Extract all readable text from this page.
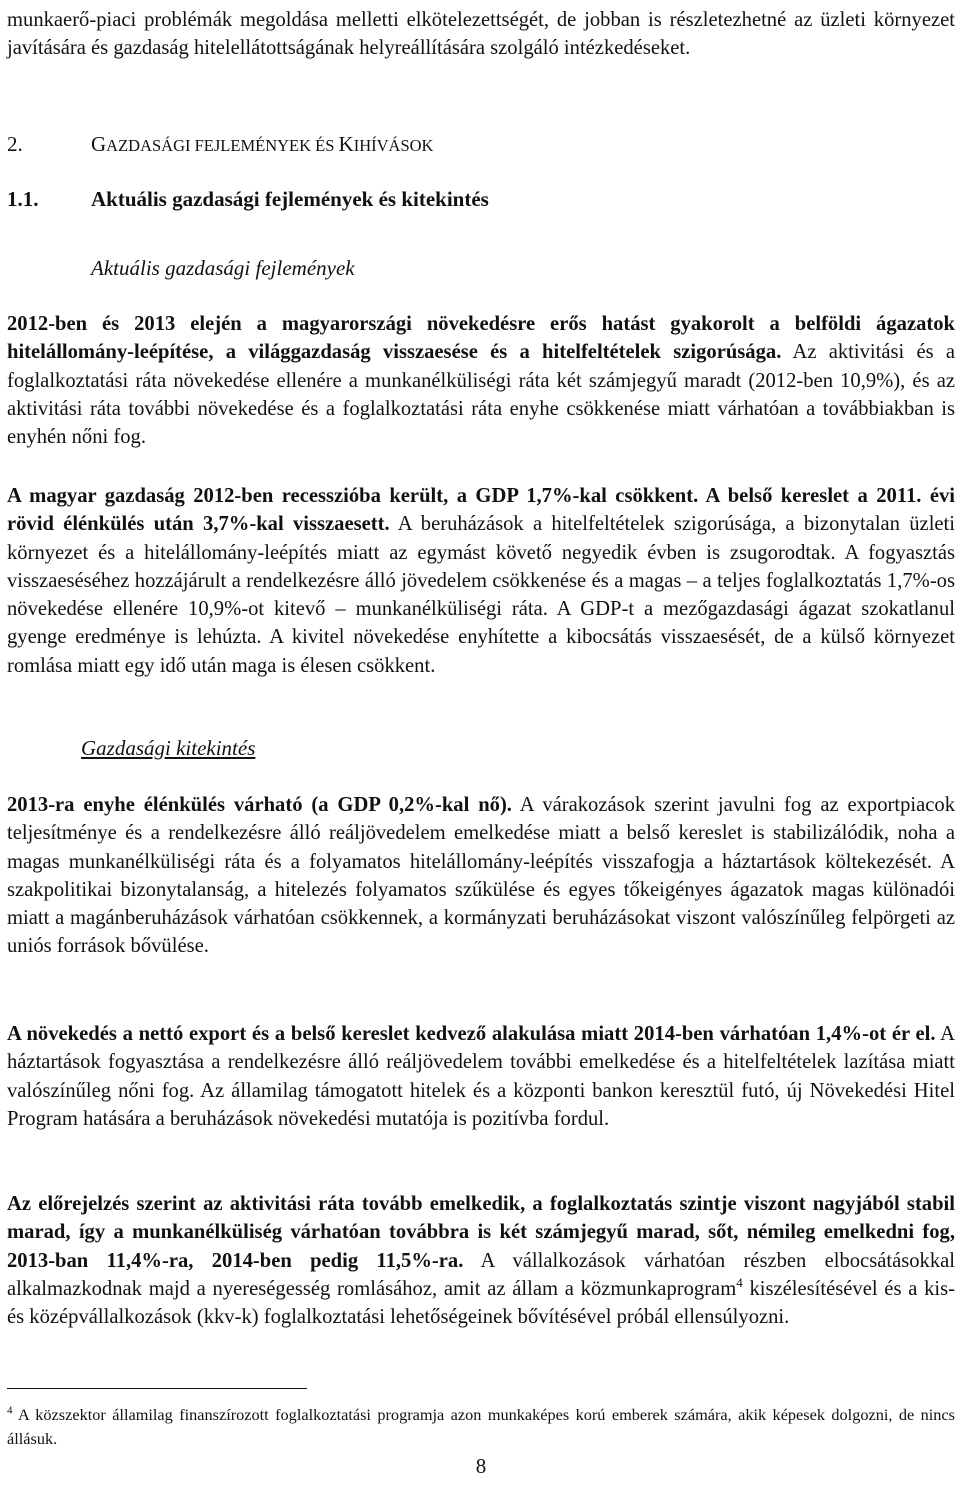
munkaerő-piaci problémák megoldása melletti elkötelezettségét, de jobban is részletezhetné az üzleti környezet javítására és gazdaság hitelellátottságának helyreállítására szolgáló intézkedéseket.

2.	GAZDASÁGI FEJLEMÉNYEK ÉS KIHÍVÁSOK
1.1.	Aktuális gazdasági fejlemények és kitekintés
Aktuális gazdasági fejlemények

2012-ben és 2013 elején a magyarországi növekedésre erős hatást gyakorolt a belföldi ágazatok hitelállomány-leépítése, a világgazdaság visszaesése és a hitelfeltételek szigorúsága. Az aktivitási és a foglalkoztatási ráta növekedése ellenére a munkanélküliségi ráta két számjegyű maradt (2012-ben 10,9%), és az aktivitási ráta további növekedése és a foglalkoztatási ráta enyhe csökkenése miatt várhatóan a továbbiakban is enyhén nőni fog.

A magyar gazdaság 2012-ben recesszióba került, a GDP 1,7%-kal csökkent. A belső kereslet a 2011. évi rövid élénkülés után 3,7%-kal visszaesett. A beruházások a hitelfeltételek szigorúsága, a bizonytalan üzleti környezet és a hitelállomány-leépítés miatt az egymást követő negyedik évben is zsugorodtak. A fogyasztás visszaeséséhez hozzájárult a rendelkezésre álló jövedelem csökkenése és a magas – a teljes foglalkoztatás 1,7%-os növekedése ellenére 10,9%-ot kitevő – munkanélküliségi ráta. A GDP-t a mezőgazdasági ágazat szokatlanul gyenge eredménye is lehúzta. A kivitel növekedése enyhítette a kibocsátás visszaesését, de a külső környezet romlása miatt egy idő után maga is élesen csökkent.

Gazdasági kitekintés

2013-ra enyhe élénkülés várható (a GDP 0,2%-kal nő). A várakozások szerint javulni fog az exportpiacok teljesítménye és a rendelkezésre álló reáljövedelem emelkedése miatt a belső kereslet is stabilizálódik, noha a magas munkanélküliségi ráta és a folyamatos hitelállomány-leépítés visszafogja a háztartások költekezését. A szakpolitikai bizonytalanság, a hitelezés folyamatos szűkülése és egyes tőkeigényes ágazatok magas különadói miatt a magánberuházások várhatóan csökkennek, a kormányzati beruházásokat viszont valószínűleg felpörgeti az uniós források bővülése.

A növekedés a nettó export és a belső kereslet kedvező alakulása miatt 2014-ben várhatóan 1,4%-ot ér el. A háztartások fogyasztása a rendelkezésre álló reáljövedelem további emelkedése és a hitelfeltételek lazítása miatt valószínűleg nőni fog. Az államilag támogatott hitelek és a központi bankon keresztül futó, új Növekedési Hitel Program hatására a beruházások növekedési mutatója is pozitívba fordul.

Az előrejelzés szerint az aktivitási ráta tovább emelkedik, a foglalkoztatás szintje viszont nagyjából stabil marad, így a munkanélküliség várhatóan továbbra is két számjegyű marad, sőt, némileg emelkedni fog, 2013-ban 11,4%-ra, 2014-ben pedig 11,5%-ra. A vállalkozások várhatóan részben elbocsátásokkal alkalmazkodnak majd a nyereségesség romlásához, amit az állam a közmunkaprogram$^4$ kiszélesítésével és a kis- és középvállalkozások (kkv-k) foglalkoztatási lehetőségeinek bővítésével próbál ellensúlyozni.

$^4$ A közszektor államilag finanszírozott foglalkoztatási programja azon munkaképes korú emberek számára, akik képesek dolgozni, de nincs állásuk.

8
